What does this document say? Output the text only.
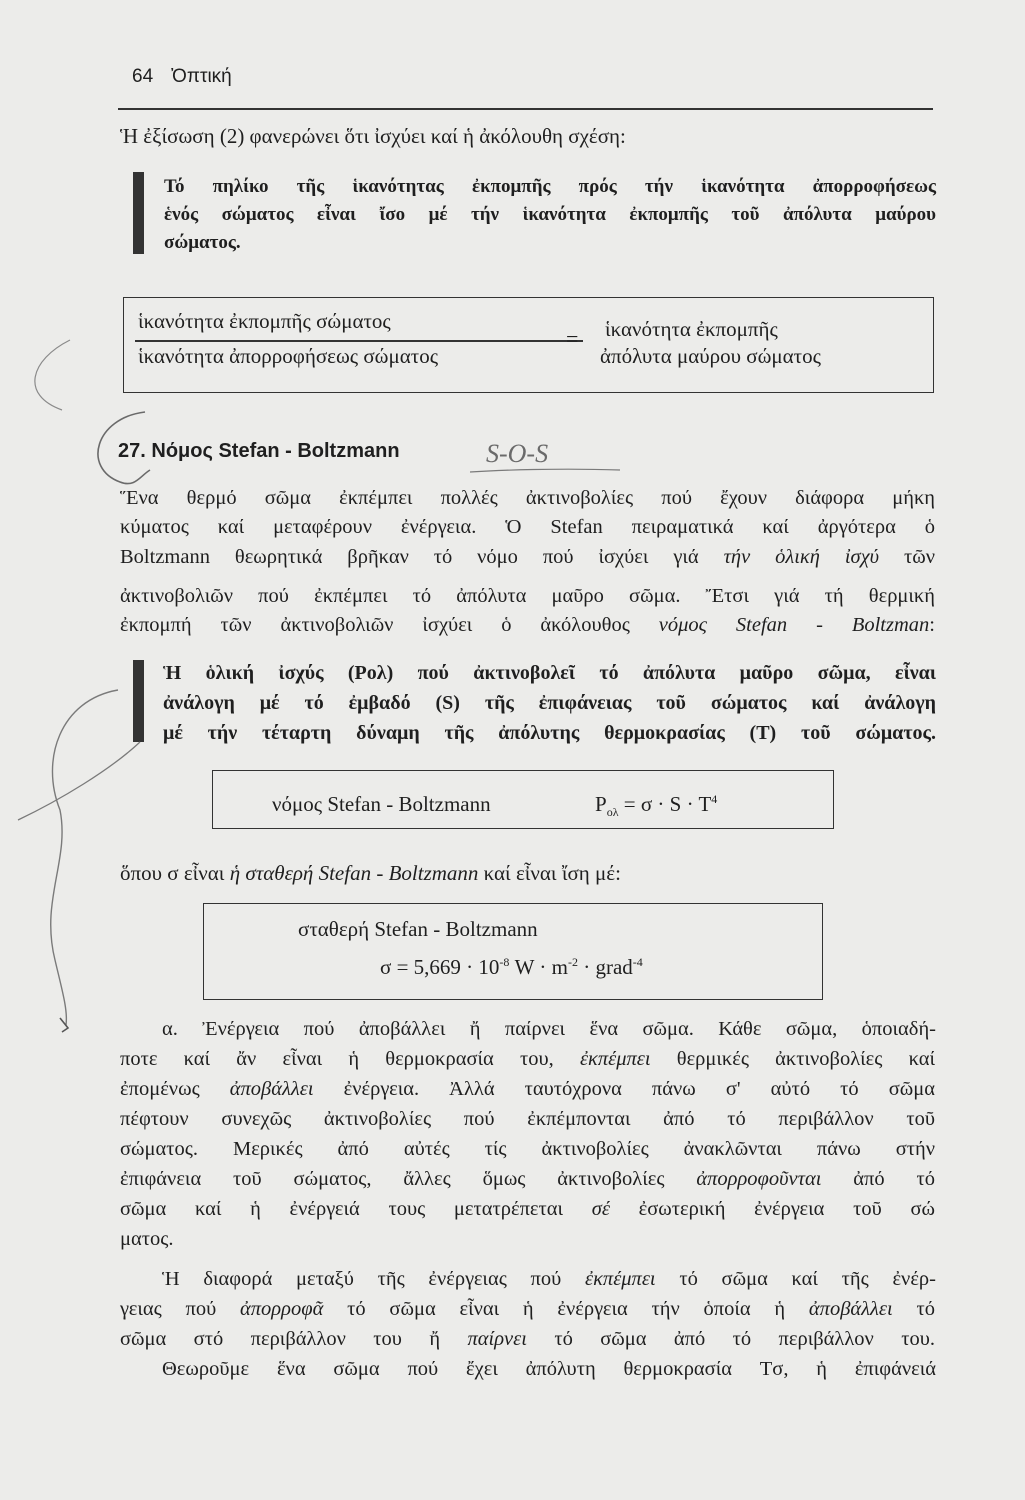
64 Ὀπτική
Ἡ ἐξίσωση (2) φανερώνει ὅτι ἰσχύει καί ἡ ἀκόλουθη σχέση:
Τό πηλίκο τῆς ἱκανότητας ἐκπομπῆς πρός τήν ἱκανότητα ἀπορροφήσεως
ἑνός σώματος εἶναι ἴσο μέ τήν ἱκανότητα ἐκπομπῆς τοῦ ἀπόλυτα μαύρου
σώματος.
ἱκανότητα ἐκπομπῆς σώματος
ἱκανότητα ἀπορροφήσεως σώματος
= ἱκανότητα ἐκπομπῆς
ἀπόλυτα μαύρου σώματος
27. Νόμος Stefan - Boltzmann
Ἕνα θερμό σῶμα ἐκπέμπει πολλές ἀκτινοβολίες πού ἔχουν διάφορα μήκη
κύματος καί μεταφέρουν ἐνέργεια. Ὁ Stefan πειραματικά καί ἀργότερα ὁ
Boltzmann θεωρητικά βρῆκαν τό νόμο πού ἰσχύει γιά τήν ὁλική ἰσχύ τῶν
ἀκτινοβολιῶν πού ἐκπέμπει τό ἀπόλυτα μαῦρο σῶμα. Ἔτσι γιά τή θερμική
ἐκπομπή τῶν ἀκτινοβολιῶν ἰσχύει ὁ ἀκόλουθος νόμος Stefan - Boltzman:
Ἡ ὁλική ἰσχύς (Pολ) πού ἀκτινοβολεῖ τό ἀπόλυτα μαῦρο σῶμα, εἶναι
ἀνάλογη μέ τό ἐμβαδό (S) τῆς ἐπιφάνειας τοῦ σώματος καί ἀνάλογη
μέ τήν τέταρτη δύναμη τῆς ἀπόλυτης θερμοκρασίας (T) τοῦ σώματος.
νόμος Stefan - Boltzmann	$P_{o\lambda} = \sigma \cdot S \cdot T^4$
ὅπου σ εἶναι ἡ σταθερή Stefan - Boltzmann καί εἶναι ἴση μέ:
σταθερή Stefan - Boltzmann
$\sigma = 5,669 \cdot 10^{-8}$ $W \cdot m^{-2}$ · grad$^{-4}$
α. Ἐνέργεια πού ἀποβάλλει ἤ παίρνει ἕνα σῶμα. Κάθε σῶμα, ὁποιαδή-
ποτε καί ἄν εἶναι ἡ θερμοκρασία του, ἐκπέμπει θερμικές ἀκτινοβολίες καί
ἐπομένως ἀποβάλλει ἐνέργεια. Ἀλλά ταυτόχρονα πάνω σ' αὐτό τό σῶμα
πέφτουν συνεχῶς ἀκτινοβολίες πού ἐκπέμπονται ἀπό τό περιβάλλον τοῦ
σώματος. Μερικές ἀπό αὐτές τίς ἀκτινοβολίες ἀνακλῶνται πάνω στήν
ἐπιφάνεια τοῦ σώματος, ἄλλες ὅμως ἀκτινοβολίες ἀπορροφοῦνται ἀπό τό
σῶμα καί ἡ ἐνέργειά τους μετατρέπεται σέ ἐσωτερική ἐνέργεια τοῦ σώ
ματος.
Ἡ διαφορά μεταξύ τῆς ἐνέργειας πού ἐκπέμπει τό σῶμα καί τῆς ἐνέρ-
γειας πού ἀπορροφᾶ τό σῶμα εἶναι ἡ ἐνέργεια τήν ὁποία ἡ ἀποβάλλει τό
σῶμα στό περιβάλλον του ἤ παίρνει τό σῶμα ἀπό τό περιβάλλον του.
Θεωροῦμε ἕνα σῶμα πού ἔχει ἀπόλυτη θερμοκρασία Tσ, ἡ ἐπιφάνειά
S-O-S
